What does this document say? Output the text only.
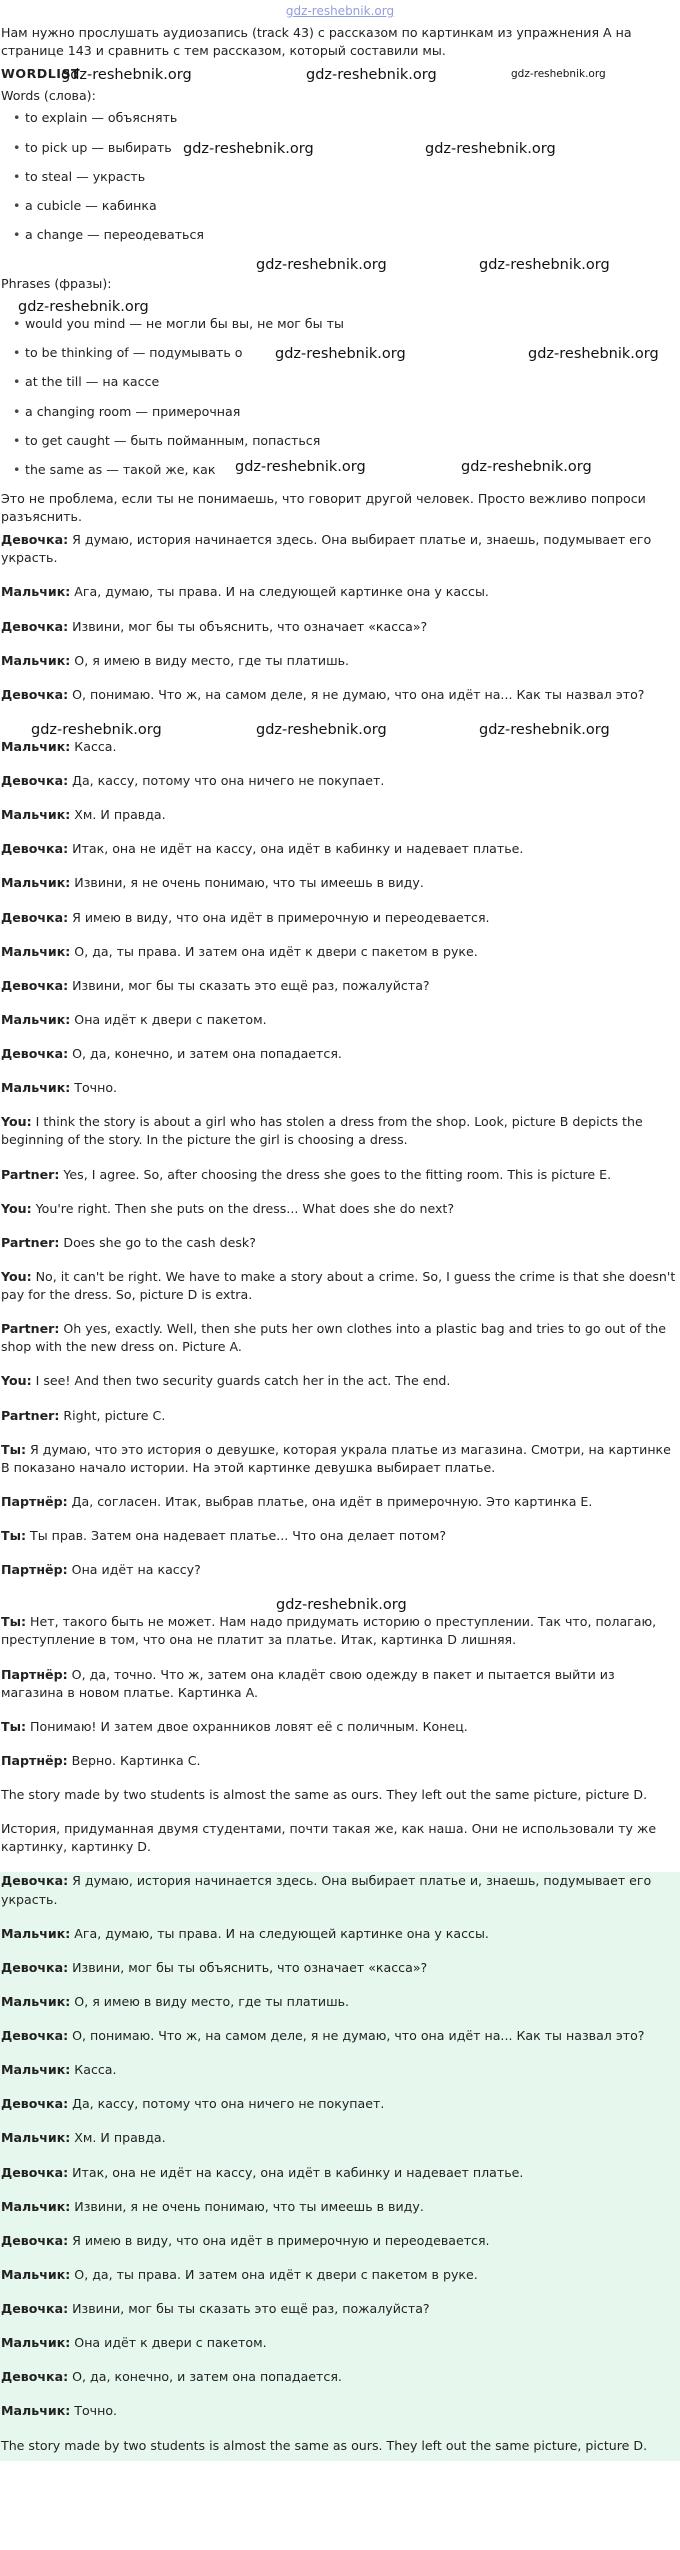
gdz-reshebnik.org

Нам нужно прослушать аудиозапись (track 43) с рассказом по картинкам из упражнения A на странице 143 и сравнить с тем рассказом, который составили мы.

WORDLIST
gdz-reshebnik.org	gdz-reshebnik.org	gdz-reshebnik.org

Words (слова):

• to explain — объяснять
• to pick up — выбирать gdz-reshebnik.org	gdz-reshebnik.org
• to steal — украсть
• a cubicle — кабинка
• a change — переодеваться
gdz-reshebnik.org	gdz-reshebnik.org

Phrases (фразы):

gdz-reshebnik.org
• would you mind — не могли бы вы, не мог бы ты
• to be thinking of — подумывать о gdz-reshebnik.org	gdz-reshebnik.org
• at the till — на кассе
• a changing room — примерочная
• to get caught — быть пойманным, попасться
• the same as — такой же, как gdz-reshebnik.org	gdz-reshebnik.org

Это не проблема, если ты не понимаешь, что говорит другой человек. Просто вежливо попроси разъяснить.

Девочка: Я думаю, история начинается здесь. Она выбирает платье и, знаешь, подумывает его украсть.

Мальчик: Ага, думаю, ты права. И на следующей картинке она у кассы.

Девочка: Извини, мог бы ты объяснить, что означает «касса»?

Мальчик: О, я имею в виду место, где ты платишь.

Девочка: О, понимаю. Что ж, на самом деле, я не думаю, что она идёт на... Как ты назвал это?

gdz-reshebnik.org	gdz-reshebnik.org	gdz-reshebnik.org

Мальчик: Касса.

Девочка: Да, кассу, потому что она ничего не покупает.

Мальчик: Хм. И правда.

Девочка: Итак, она не идёт на кассу, она идёт в кабинку и надевает платье.

Мальчик: Извини, я не очень понимаю, что ты имеешь в виду.

Девочка: Я имею в виду, что она идёт в примерочную и переодевается.

Мальчик: О, да, ты права. И затем она идёт к двери с пакетом в руке.

Девочка: Извини, мог бы ты сказать это ещё раз, пожалуйста?

Мальчик: Она идёт к двери с пакетом.

Девочка: О, да, конечно, и затем она попадается.

Мальчик: Точно.

You: I think the story is about a girl who has stolen a dress from the shop. Look, picture B depicts the beginning of the story. In the picture the girl is choosing a dress.

Partner: Yes, I agree. So, after choosing the dress she goes to the fitting room. This is picture E.

You: You're right. Then she puts on the dress... What does she do next?

Partner: Does she go to the cash desk?

You: No, it can't be right. We have to make a story about a crime. So, I guess the crime is that she doesn't pay for the dress. So, picture D is extra.

Partner: Oh yes, exactly. Well, then she puts her own clothes into a plastic bag and tries to go out of the shop with the new dress on. Picture A.

You: I see! And then two security guards catch her in the act. The end.

Partner: Right, picture C.

Ты: Я думаю, что это история о девушке, которая украла платье из магазина. Смотри, на картинке B показано начало истории. На этой картинке девушка выбирает платье.

Партнёр: Да, согласен. Итак, выбрав платье, она идёт в примерочную. Это картинка E.

Ты: Ты прав. Затем она надевает платье... Что она делает потом?

Партнёр: Она идёт на кассу?

gdz-reshebnik.org

Ты: Нет, такого быть не может. Нам надо придумать историю о преступлении. Так что, полагаю, преступление в том, что она не платит за платье. Итак, картинка D лишняя.

Партнёр: О, да, точно. Что ж, затем она кладёт свою одежду в пакет и пытается выйти из магазина в новом платье. Картинка A.

Ты: Понимаю! И затем двое охранников ловят её с поличным. Конец.

Партнёр: Верно. Картинка C.

The story made by two students is almost the same as ours. They left out the same picture, picture D.

История, придуманная двумя студентами, почти такая же, как наша. Они не использовали ту же картинку, картинку D.

Девочка: Я думаю, история начинается здесь. Она выбирает платье и, знаешь, подумывает его украсть.

Мальчик: Ага, думаю, ты права. И на следующей картинке она у кассы.

Девочка: Извини, мог бы ты объяснить, что означает «касса»?

Мальчик: О, я имею в виду место, где ты платишь.

Девочка: О, понимаю. Что ж, на самом деле, я не думаю, что она идёт на... Как ты назвал это?

Мальчик: Касса.

Девочка: Да, кассу, потому что она ничего не покупает.

Мальчик: Хм. И правда.

Девочка: Итак, она не идёт на кассу, она идёт в кабинку и надевает платье.

Мальчик: Извини, я не очень понимаю, что ты имеешь в виду.

Девочка: Я имею в виду, что она идёт в примерочную и переодевается.

Мальчик: О, да, ты права. И затем она идёт к двери с пакетом в руке.

Девочка: Извини, мог бы ты сказать это ещё раз, пожалуйста?

Мальчик: Она идёт к двери с пакетом.

Девочка: О, да, конечно, и затем она попадается.

Мальчик: Точно.

The story made by two students is almost the same as ours. They left out the same picture, picture D.
